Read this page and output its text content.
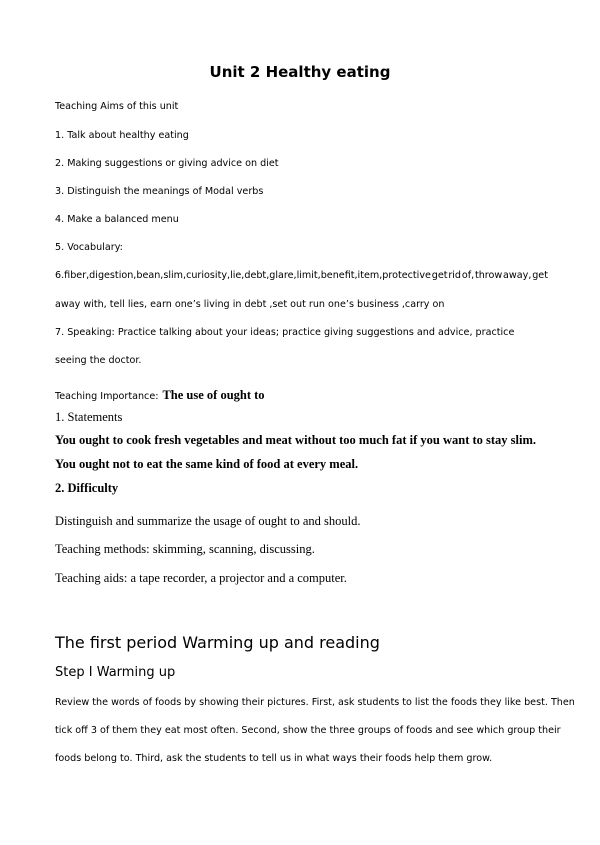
Unit 2 Healthy eating

Teaching Aims of this unit

1. Talk about healthy eating

2. Making suggestions or giving advice on diet

3. Distinguish the meanings of Modal verbs

4. Make a balanced menu

5. Vocabulary:

6.fiber,digestion,bean,slim,curiosity,lie,debt,glare,limit,benefit,item,protective get rid of, throw away, get

away with, tell lies, earn one’s living in debt ,set out run one’s business ,carry on

7. Speaking: Practice talking about your ideas; practice giving suggestions and advice, practice

seeing the doctor.

Teaching Importance: The use of ought to

1. Statements

You ought to cook fresh vegetables and meat without too much fat if you want to stay slim.

You ought not to eat the same kind of food at every meal.

2. Difficulty

Distinguish and summarize the usage of ought to and should.

Teaching methods: skimming, scanning, discussing.

Teaching aids: a tape recorder, a projector and a computer.

The first period Warming up and reading
Step Ⅰ Warming up

Review the words of foods by showing their pictures. First, ask students to list the foods they like best. Then

tick off 3 of them they eat most often. Second, show the three groups of foods and see which group their

foods belong to. Third, ask the students to tell us in what ways their foods help them grow.
